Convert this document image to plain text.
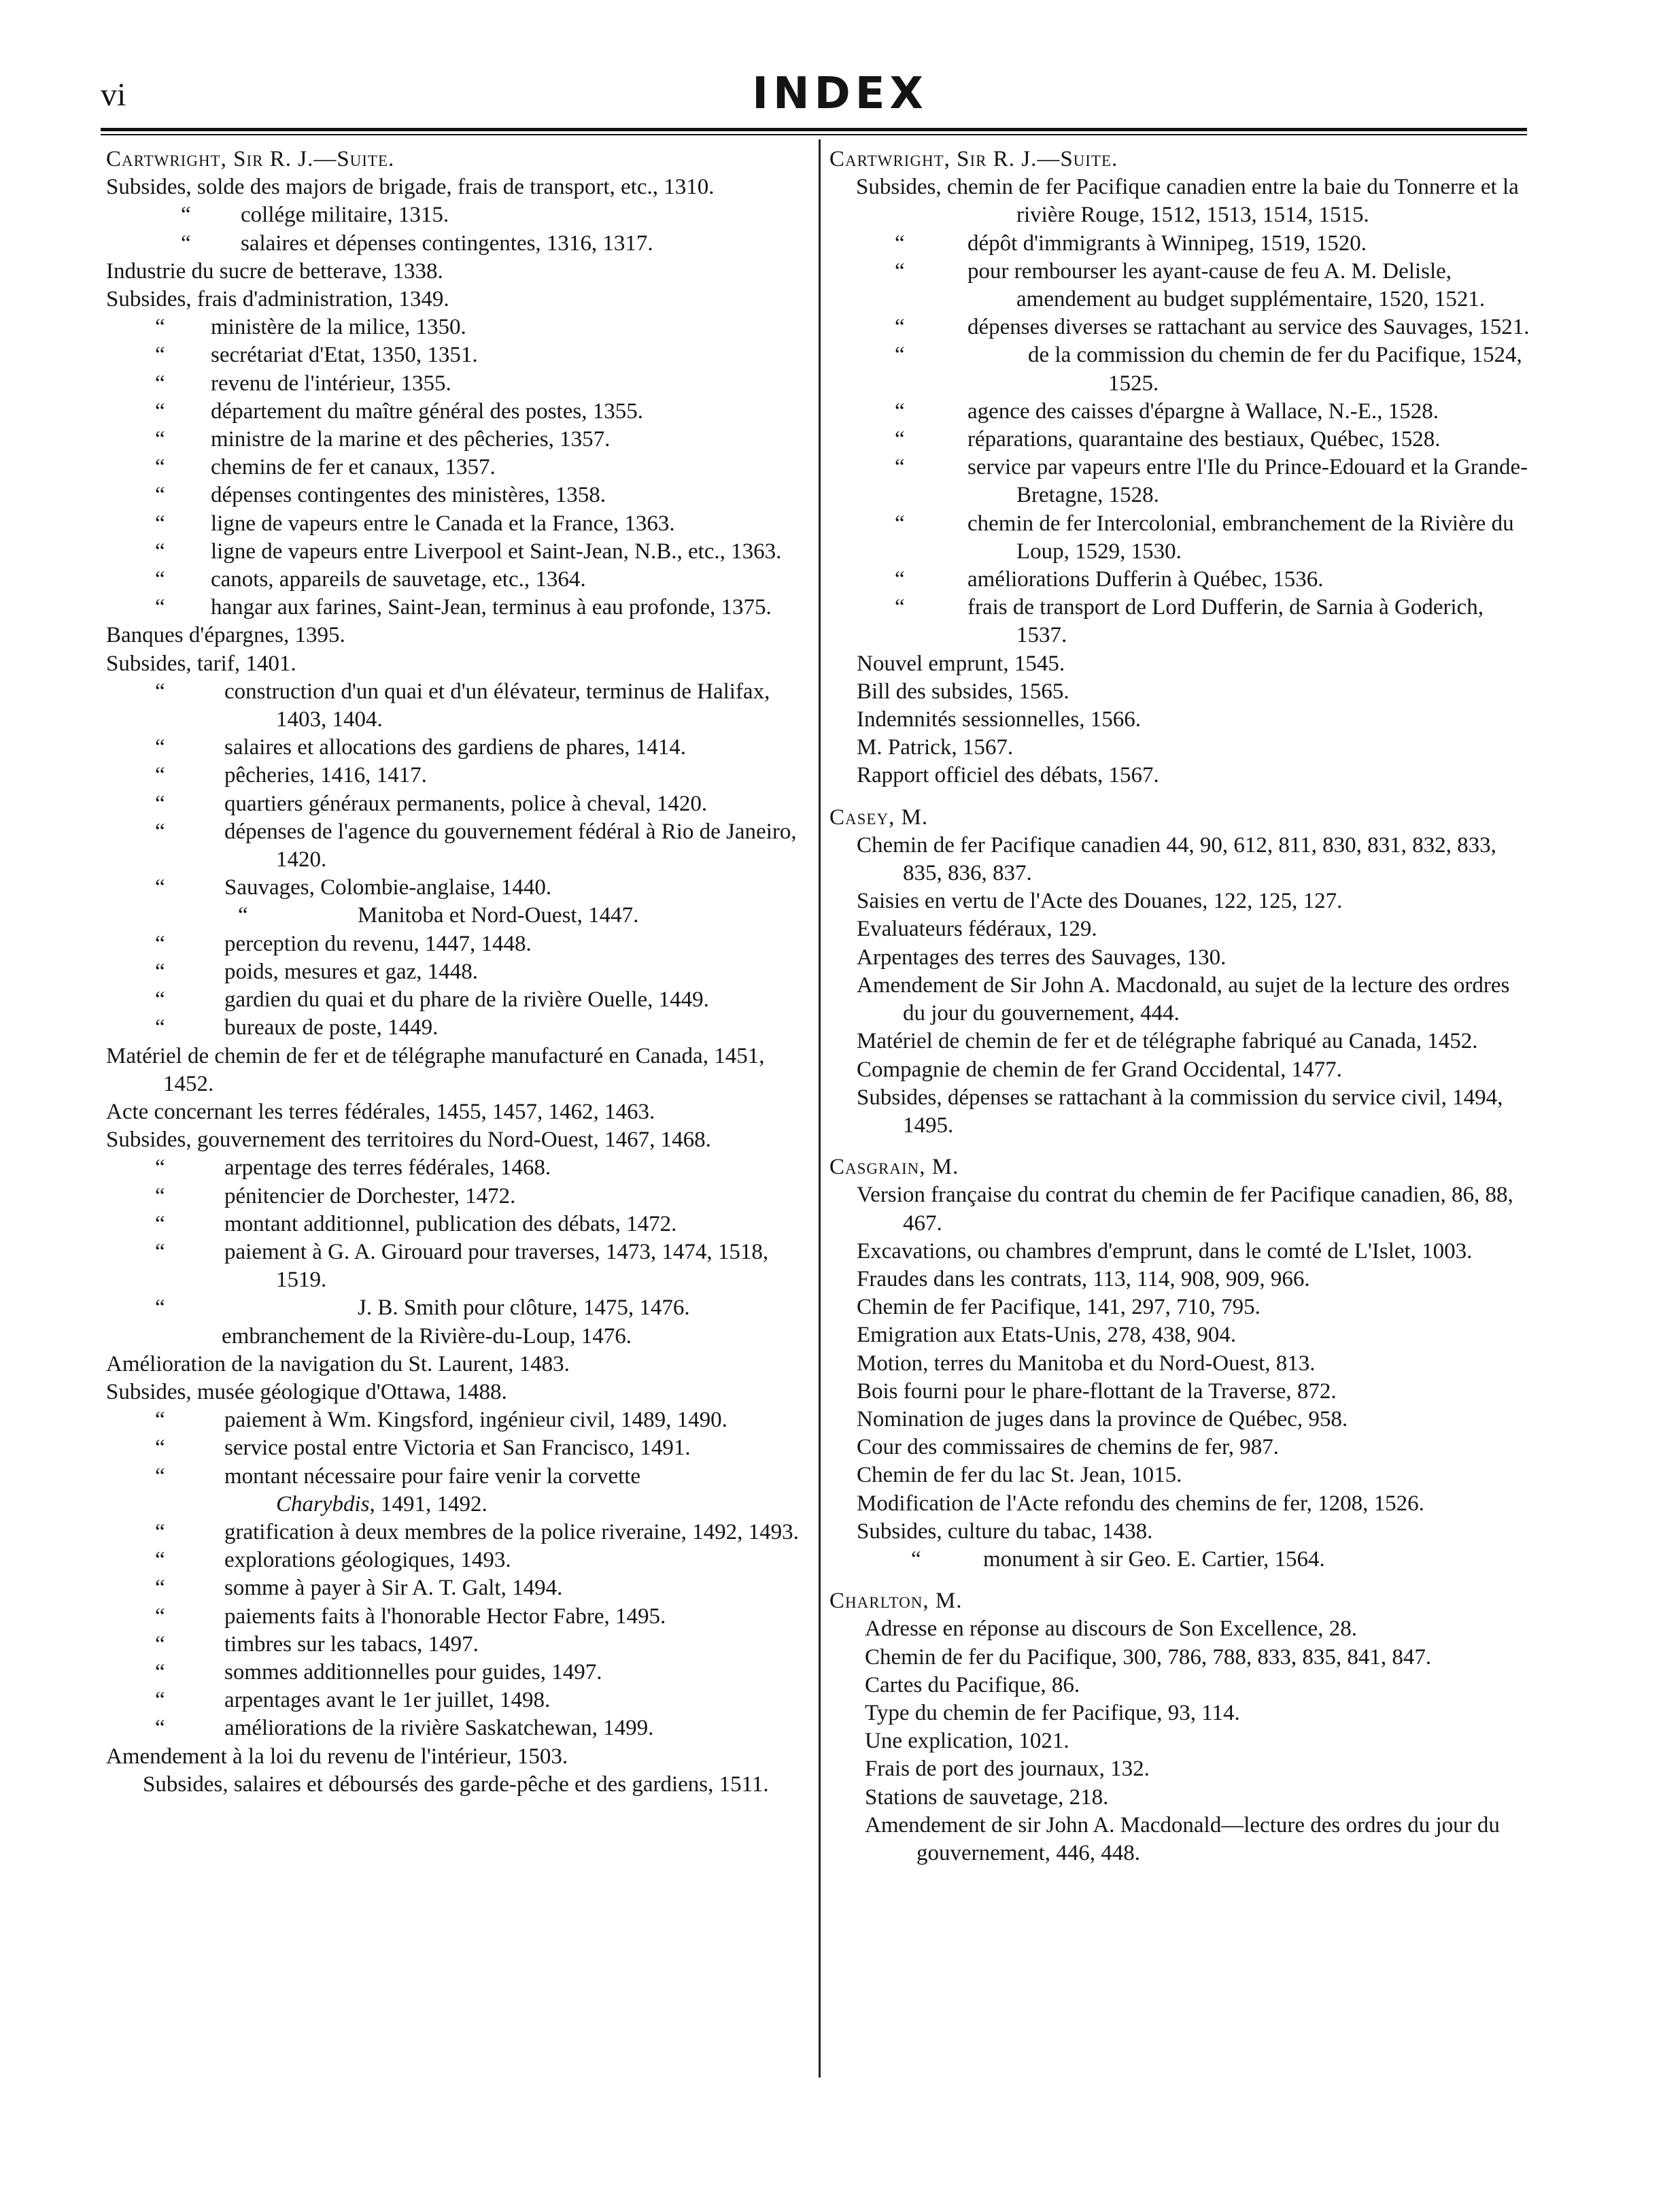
vi	INDEX
Cartwright, Sir R. J.—Suite.
Subsides, solde des majors de brigade, frais de transport, etc., 1310.
“ collége militaire, 1315.
“ salaires et dépenses contingentes, 1316, 1317.
Industrie du sucre de betterave, 1338.
Subsides, frais d'administration, 1349.
“ ministère de la milice, 1350.
“ secrétariat d'Etat, 1350, 1351.
“ revenu de l'intérieur, 1355.
“ département du maître général des postes, 1355.
“ ministre de la marine et des pêcheries, 1357.
“ chemins de fer et canaux, 1357.
“ dépenses contingentes des ministères, 1358.
“ ligne de vapeurs entre le Canada et la France, 1363.
“ ligne de vapeurs entre Liverpool et Saint-Jean, N.B., etc., 1363.
“ canots, appareils de sauvetage, etc., 1364.
“ hangar aux farines, Saint-Jean, terminus à eau profonde, 1375.
Banques d'épargnes, 1395.
Subsides, tarif, 1401.
“ construction d'un quai et d'un élévateur, terminus de Halifax, 1403, 1404.
“ salaires et allocations des gardiens de phares, 1414.
“ pêcheries, 1416, 1417.
“ quartiers généraux permanents, police à cheval, 1420.
“ dépenses de l'agence du gouvernement fédéral à Rio de Janeiro, 1420.
“ Sauvages, Colombie-anglaise, 1440.
“ Manitoba et Nord-Ouest, 1447.
“ perception du revenu, 1447, 1448.
“ poids, mesures et gaz, 1448.
“ gardien du quai et du phare de la rivière Ouelle, 1449.
“ bureaux de poste, 1449.
Matériel de chemin de fer et de télégraphe manufacturé en Canada, 1451, 1452.
Acte concernant les terres fédérales, 1455, 1457, 1462, 1463.
Subsides, gouvernement des territoires du Nord-Ouest, 1467, 1468.
“ arpentage des terres fédérales, 1468.
“ pénitencier de Dorchester, 1472.
“ montant additionnel, publication des débats, 1472.
“ paiement à G. A. Girouard pour traverses, 1473, 1474, 1518, 1519.
“ J. B. Smith pour clôture, 1475, 1476.
embranchement de la Rivière-du-Loup, 1476.
Amélioration de la navigation du St. Laurent, 1483.
Subsides, musée géologique d'Ottawa, 1488.
“ paiement à Wm. Kingsford, ingénieur civil, 1489, 1490.
“ service postal entre Victoria et San Francisco, 1491.
“ montant nécessaire pour faire venir la corvette
Charybdis, 1491, 1492.
“ gratification à deux membres de la police riveraine, 1492, 1493.
“ explorations géologiques, 1493.
“ somme à payer à Sir A. T. Galt, 1494.
“ paiements faits à l'honorable Hector Fabre, 1495.
“ timbres sur les tabacs, 1497.
“ sommes additionnelles pour guides, 1497.
“ arpentages avant le 1er juillet, 1498.
“ améliorations de la rivière Saskatchewan, 1499.
Amendement à la loi du revenu de l'intérieur, 1503.
Subsides, salaires et déboursés des garde-pêche et des gardiens, 1511.
Cartwright, Sir R. J.—Suite.
Subsides, chemin de fer Pacifique canadien entre la baie du Tonnerre et la rivière Rouge, 1512, 1513, 1514, 1515.
“ dépôt d'immigrants à Winnipeg, 1519, 1520.
“ pour rembourser les ayant-cause de feu A. M. Delisle, amendement au budget supplémentaire, 1520, 1521.
“ dépenses diverses se rattachant au service des Sauvages, 1521.
“ de la commission du chemin de fer du Pacifique, 1524, 1525.
“ agence des caisses d'épargne à Wallace, N.-E., 1528.
“ réparations, quarantaine des bestiaux, Québec, 1528.
“ service par vapeurs entre l'Ile du Prince-Edouard et la Grande-Bretagne, 1528.
“ chemin de fer Intercolonial, embranchement de la Rivière du Loup, 1529, 1530.
“ améliorations Dufferin à Québec, 1536.
“ frais de transport de Lord Dufferin, de Sarnia à Goderich, 1537.
Nouvel emprunt, 1545.
Bill des subsides, 1565.
Indemnités sessionnelles, 1566.
M. Patrick, 1567.
Rapport officiel des débats, 1567.
Casey, M.
Chemin de fer Pacifique canadien 44, 90, 612, 811, 830, 831, 832, 833, 835, 836, 837.
Saisies en vertu de l'Acte des Douanes, 122, 125, 127.
Evaluateurs fédéraux, 129.
Arpentages des terres des Sauvages, 130.
Amendement de Sir John A. Macdonald, au sujet de la lecture des ordres du jour du gouvernement, 444.
Matériel de chemin de fer et de télégraphe fabriqué au Canada, 1452.
Compagnie de chemin de fer Grand Occidental, 1477.
Subsides, dépenses se rattachant à la commission du service civil, 1494, 1495.
Casgrain, M.
Version française du contrat du chemin de fer Pacifique canadien, 86, 88, 467.
Excavations, ou chambres d'emprunt, dans le comté de L'Islet, 1003.
Fraudes dans les contrats, 113, 114, 908, 909, 966.
Chemin de fer Pacifique, 141, 297, 710, 795.
Emigration aux Etats-Unis, 278, 438, 904.
Motion, terres du Manitoba et du Nord-Ouest, 813.
Bois fourni pour le phare-flottant de la Traverse, 872.
Nomination de juges dans la province de Québec, 958.
Cour des commissaires de chemins de fer, 987.
Chemin de fer du lac St. Jean, 1015.
Modification de l'Acte refondu des chemins de fer, 1208, 1526.
Subsides, culture du tabac, 1438.
“ monument à sir Geo. E. Cartier, 1564.
Charlton, M.
Adresse en réponse au discours de Son Excellence, 28.
Chemin de fer du Pacifique, 300, 786, 788, 833, 835, 841, 847.
Cartes du Pacifique, 86.
Type du chemin de fer Pacifique, 93, 114.
Une explication, 1021.
Frais de port des journaux, 132.
Stations de sauvetage, 218.
Amendement de sir John A. Macdonald—lecture des ordres du jour du gouvernement, 446, 448.
